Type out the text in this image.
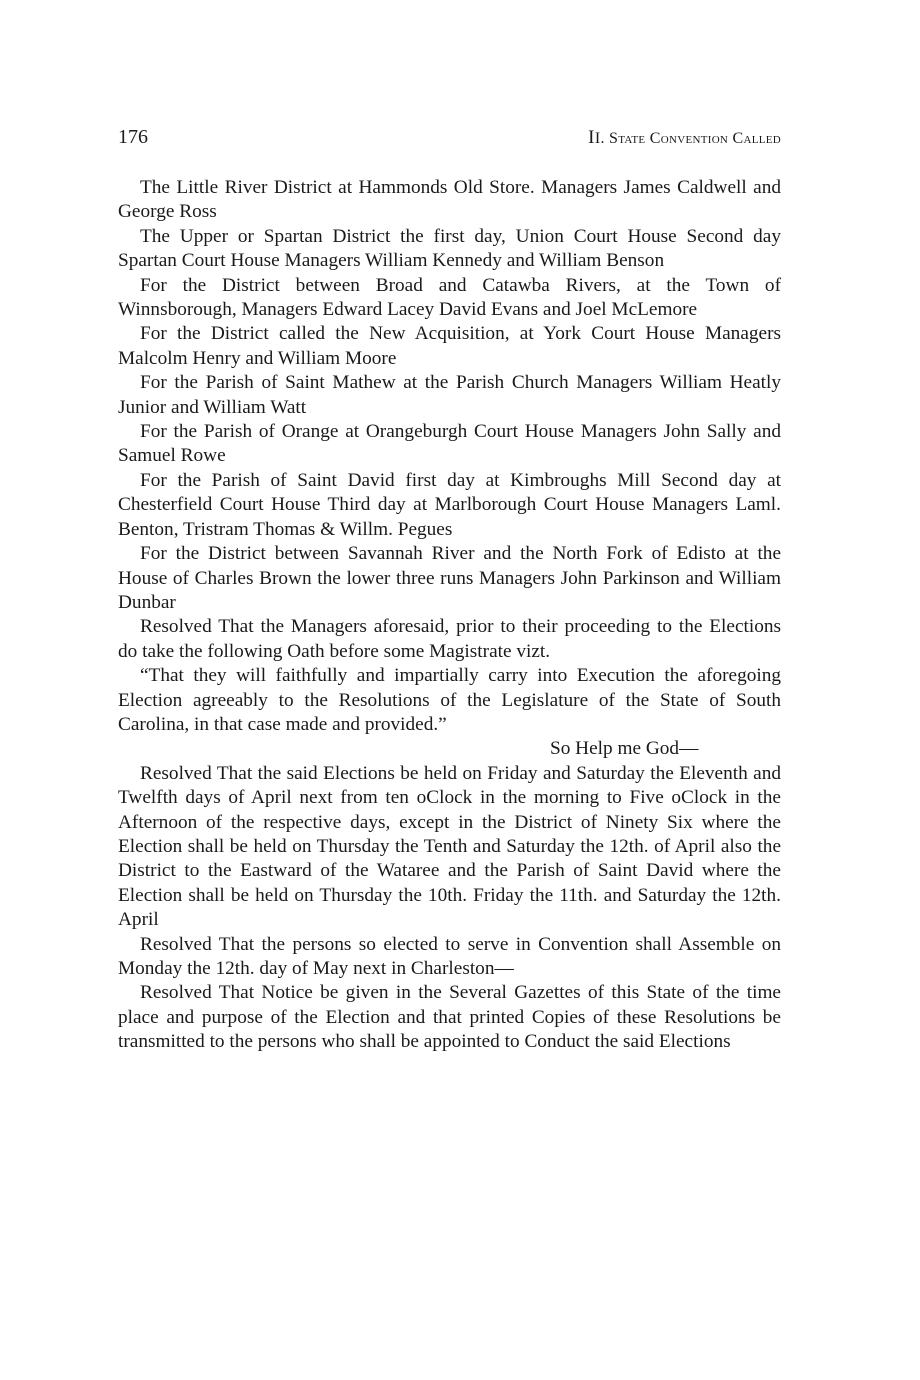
176	II. State Convention Called

The Little River District at Hammonds Old Store. Managers James Caldwell and George Ross

The Upper or Spartan District the first day, Union Court House Second day Spartan Court House Managers William Kennedy and William Benson

For the District between Broad and Catawba Rivers, at the Town of Winnsborough, Managers Edward Lacey David Evans and Joel McLemore

For the District called the New Acquisition, at York Court House Managers Malcolm Henry and William Moore

For the Parish of Saint Mathew at the Parish Church Managers William Heatly Junior and William Watt

For the Parish of Orange at Orangeburgh Court House Managers John Sally and Samuel Rowe

For the Parish of Saint David first day at Kimbroughs Mill Second day at Chesterfield Court House Third day at Marlborough Court House Managers Laml. Benton, Tristram Thomas & Willm. Pegues

For the District between Savannah River and the North Fork of Edisto at the House of Charles Brown the lower three runs Managers John Parkinson and William Dunbar

Resolved That the Managers aforesaid, prior to their proceeding to the Elections do take the following Oath before some Magistrate vizt.

“That they will faithfully and impartially carry into Execution the aforegoing Election agreeably to the Resolutions of the Legislature of the State of South Carolina, in that case made and provided.”

So Help me God—

Resolved That the said Elections be held on Friday and Saturday the Eleventh and Twelfth days of April next from ten oClock in the morning to Five oClock in the Afternoon of the respective days, except in the District of Ninety Six where the Election shall be held on Thursday the Tenth and Saturday the 12th. of April also the District to the Eastward of the Wataree and the Parish of Saint David where the Election shall be held on Thursday the 10th. Friday the 11th. and Saturday the 12th. April

Resolved That the persons so elected to serve in Convention shall Assemble on Monday the 12th. day of May next in Charleston—

Resolved That Notice be given in the Several Gazettes of this State of the time place and purpose of the Election and that printed Copies of these Resolutions be transmitted to the persons who shall be appointed to Conduct the said Elections
